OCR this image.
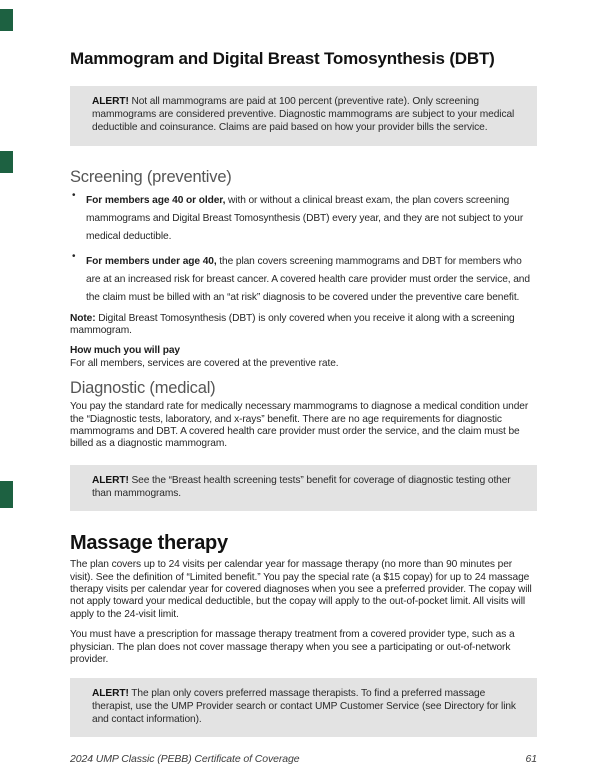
Mammogram and Digital Breast Tomosynthesis (DBT)

ALERT! Not all mammograms are paid at 100 percent (preventive rate). Only screening mammograms are considered preventive. Diagnostic mammograms are subject to your medical deductible and coinsurance. Claims are paid based on how your provider bills the service.

Screening (preventive)
• For members age 40 or older, with or without a clinical breast exam, the plan covers screening mammograms and Digital Breast Tomosynthesis (DBT) every year, and they are not subject to your medical deductible.
• For members under age 40, the plan covers screening mammograms and DBT for members who are at an increased risk for breast cancer. A covered health care provider must order the service, and the claim must be billed with an “at risk” diagnosis to be covered under the preventive care benefit.

Note: Digital Breast Tomosynthesis (DBT) is only covered when you receive it along with a screening mammogram.

How much you will pay

For all members, services are covered at the preventive rate.

Diagnostic (medical)

You pay the standard rate for medically necessary mammograms to diagnose a medical condition under the “Diagnostic tests, laboratory, and x-rays” benefit. There are no age requirements for diagnostic mammograms and DBT. A covered health care provider must order the service, and the claim must be billed as a diagnostic mammogram.

ALERT! See the “Breast health screening tests” benefit for coverage of diagnostic testing other than mammograms.

Massage therapy

The plan covers up to 24 visits per calendar year for massage therapy (no more than 90 minutes per visit). See the definition of “Limited benefit.” You pay the special rate (a $15 copay) for up to 24 massage therapy visits per calendar year for covered diagnoses when you see a preferred provider. The copay will not apply toward your medical deductible, but the copay will apply to the out-of-pocket limit. All visits will apply to the 24-visit limit.

You must have a prescription for massage therapy treatment from a covered provider type, such as a physician. The plan does not cover massage therapy when you see a participating or out-of-network provider.

ALERT! The plan only covers preferred massage therapists. To find a preferred massage therapist, use the UMP Provider search or contact UMP Customer Service (see Directory for link and contact information).

2024 UMP Classic (PEBB) Certificate of Coverage	61
